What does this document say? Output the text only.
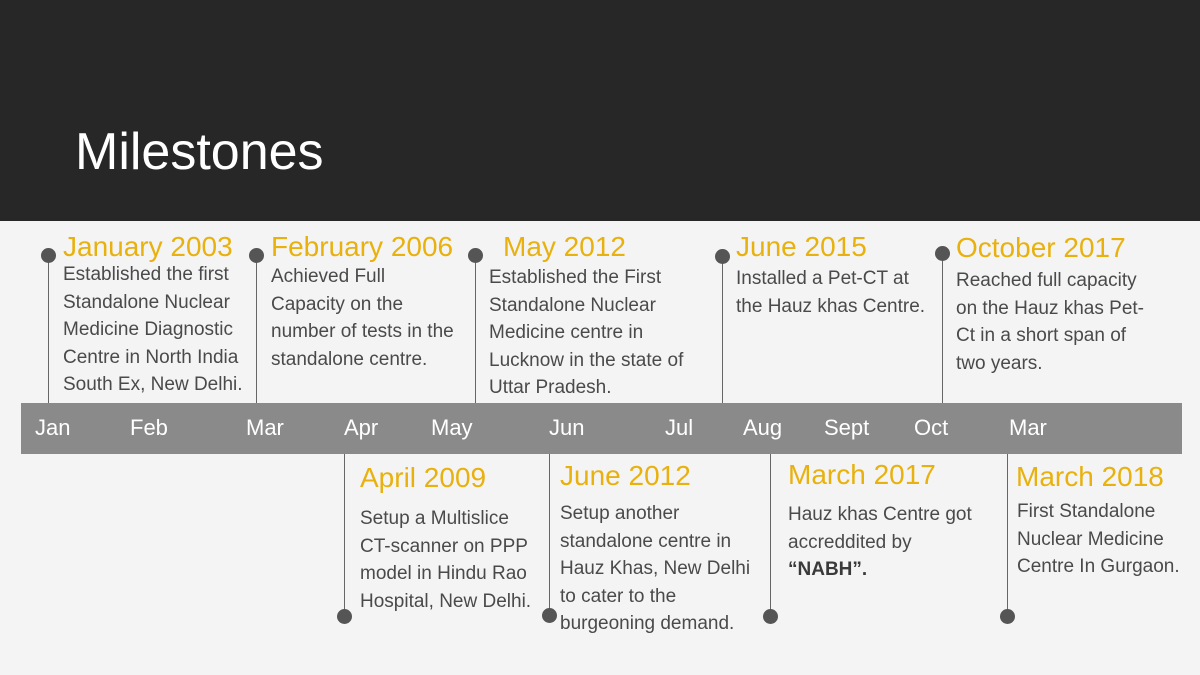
Milestones
Jan	Feb	Mar	Apr May	Jun	Jul Aug Sept Oct	Mar
January 2003
Established the first
Standalone Nuclear
Medicine Diagnostic
Centre in North India
South Ex, New Delhi.
February 2006
Achieved Full
Capacity on the
number of tests in the
standalone centre.
May 2012
Established the First
Standalone Nuclear
Medicine centre in
Lucknow in the state of
Uttar Pradesh.
June 2015
Installed a Pet-CT at
the Hauz khas Centre.
October 2017
Reached full capacity
on the Hauz khas Pet-
Ct in a short span of
two years.
April 2009
Setup a Multislice
CT-scanner on PPP
model in Hindu Rao
Hospital, New Delhi.
June 2012
Setup another
standalone centre in
Hauz Khas, New Delhi
to cater to the
burgeoning demand.
March 2017
Hauz khas Centre got
accreddited by
“NABH”.
March 2018
First Standalone
Nuclear Medicine
Centre In Gurgaon.
